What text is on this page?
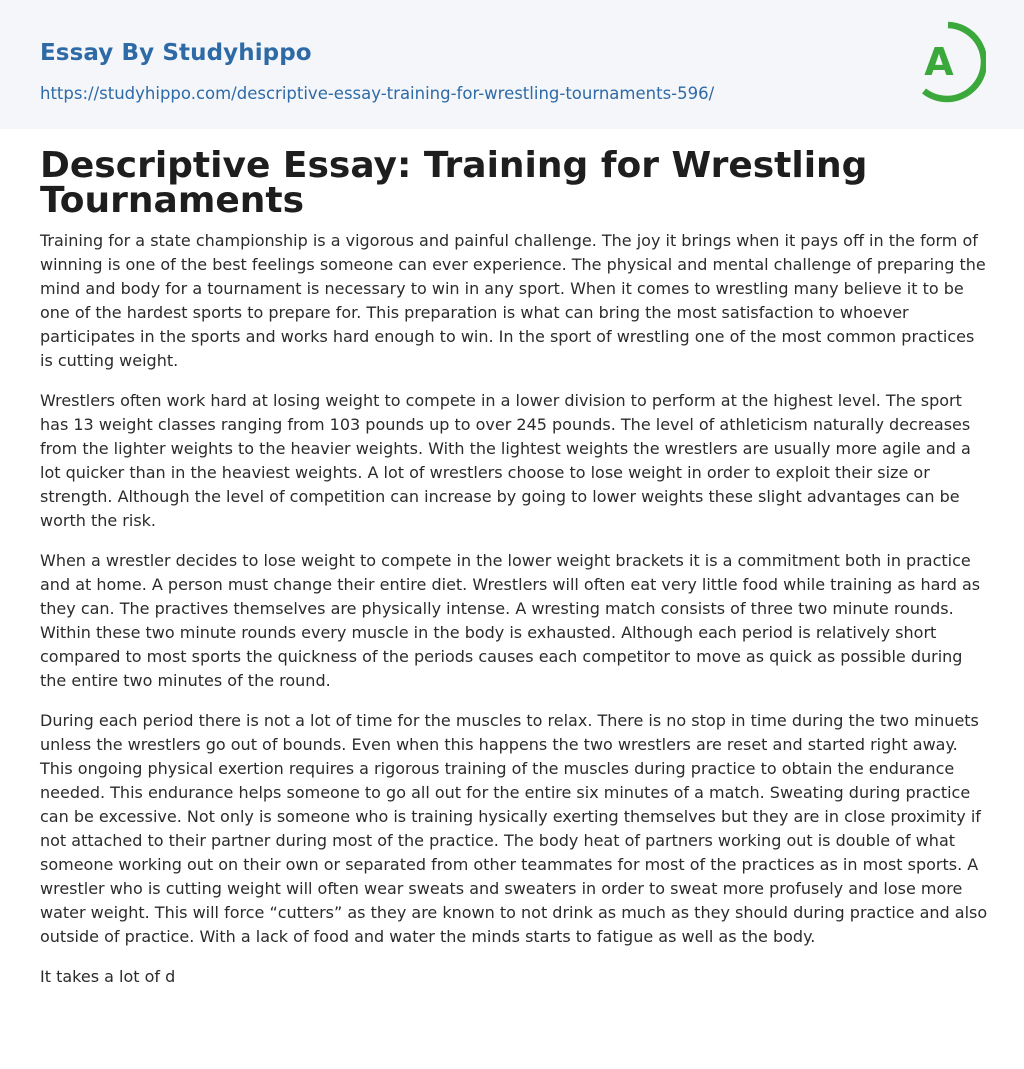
Essay By Studyhippo
https://studyhippo.com/descriptive-essay-training-for-wrestling-tournaments-596/
A
Descriptive Essay: Training for Wrestling Tournaments

Training for a state championship is a vigorous and painful challenge. The joy it brings when it pays off in the form of winning is one of the best feelings someone can ever experience. The physical and mental challenge of preparing the mind and body for a tournament is necessary to win in any sport. When it comes to wrestling many believe it to be one of the hardest sports to prepare for. This preparation is what can bring the most satisfaction to whoever participates in the sports and works hard enough to win. In the sport of wrestling one of the most common practices is cutting weight.

Wrestlers often work hard at losing weight to compete in a lower division to perform at the highest level. The sport has 13 weight classes ranging from 103 pounds up to over 245 pounds. The level of athleticism naturally decreases from the lighter weights to the heavier weights. With the lightest weights the wrestlers are usually more agile and a lot quicker than in the heaviest weights. A lot of wrestlers choose to lose weight in order to exploit their size or strength. Although the level of competition can increase by going to lower weights these slight advantages can be worth the risk.

When a wrestler decides to lose weight to compete in the lower weight brackets it is a commitment both in practice and at home. A person must change their entire diet. Wrestlers will often eat very little food while training as hard as they can. The practives themselves are physically intense. A wresting match consists of three two minute rounds. Within these two minute rounds every muscle in the body is exhausted. Although each period is relatively short compared to most sports the quickness of the periods causes each competitor to move as quick as possible during the entire two minutes of the round.

During each period there is not a lot of time for the muscles to relax. There is no stop in time during the two minuets unless the wrestlers go out of bounds. Even when this happens the two wrestlers are reset and started right away. This ongoing physical exertion requires a rigorous training of the muscles during practice to obtain the endurance needed. This endurance helps someone to go all out for the entire six minutes of a match. Sweating during practice can be excessive. Not only is someone who is training hysically exerting themselves but they are in close proximity if not attached to their partner during most of the practice. The body heat of partners working out is double of what someone working out on their own or separated from other teammates for most of the practices as in most sports. A wrestler who is cutting weight will often wear sweats and sweaters in order to sweat more profusely and lose more water weight. This will force “cutters” as they are known to not drink as much as they should during practice and also outside of practice. With a lack of food and water the minds starts to fatigue as well as the body.

It takes a lot of d
